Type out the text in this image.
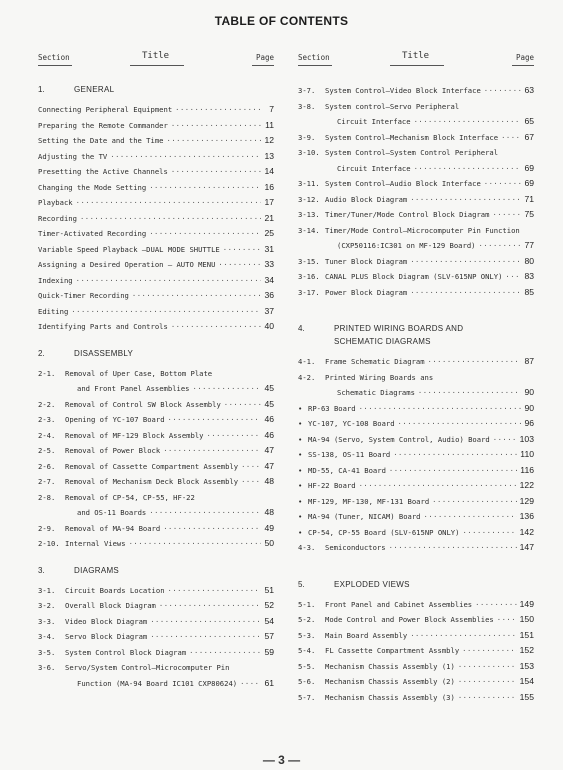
TABLE OF CONTENTS
Section	Title	Page
1.	GENERAL
Connecting Peripheral Equipment ·····	7
Preparing the Remote Commander ·····	11
Setting the Date and the Time ·····	12
Adjusting the TV ·····	13
Presetting the Active Channels ·····	14
Changing the Mode Setting ·····	16
Playback ·····	17
Recording ·····	21
Timer-Activated Recording ·····	25
Variable Speed Playback —DUAL MODE SHUTTLE ·····	31
Assigning a Desired Operation — AUTO MENU ·····	33
Indexing ·····	34
Quick-Timer Recording ·····	36
Editing ·····	37
Identifying Parts and Controls ·····	40
2.	DISASSEMBLY
2-1.	Removal of Uper Case, Bottom Plate
and Front Panel Assemblies ·····	45
2-2.	Removal of Control SW Block Assembly ·····	45
2-3.	Opening of YC-107 Board ·····	46
2-4.	Removal of MF-129 Block Assembly ·····	46
2-5.	Removal of Power Block ·····	47
2-6.	Removal of Cassette Compartment Assembly ·····	47
2-7.	Removal of Mechanism Deck Block Assembly ·····	48
2-8.	Removal of CP-54, CP-55, HF-22
and OS-11 Boards ·····	48
2-9.	Removal of MA-94 Board ·····	49
2-10. Internal Views ·····	50
3.	DIAGRAMS
3-1.	Circuit Boards Location ·····	51
3-2.	Overall Block Diagram ·····	52
3-3.	Video Block Diagram ·····	54
3-4.	Servo Block Diagram ·····	57
3-5.	System Control Block Diagram ·····	59
3-6.	Servo/System Control—Microcomputer Pin
Function (MA-94 Board IC101 CXP80624) ·····	61
Section	Title	Page
3-7.	System Control—Video Block Interface ·····	63
3-8.	System control—Servo Peripheral
Circuit Interface ·····	65
3-9.	System Control—Mechanism Block Interface ·····	67
3-10. System Control—System Control Peripheral
Circuit Interface ·····	69
3-11. System Control—Audio Block Interface ·····	69
3-12. Audio Block Diagram ·····	71
3-13. Timer/Tuner/Mode Control Block Diagram ·····	75
3-14. Timer/Mode Control—Microcomputer Pin Function
(CXP50116:IC301 on MF-129 Board) ·····	77
3-15. Tuner Block Diagram ·····	80
3-16. CANAL PLUS Block Diagram (SLV-615NP ONLY) ·····	83
3-17. Power Block Diagram ·····	85
4.	PRINTED WIRING BOARDS AND
SCHEMATIC DIAGRAMS
4-1.	Frame Schematic Diagram ·····	87
4-2.	Printed Wiring Boards ans
Schematic Diagrams ·····	90
•
RP-63 Board ·····	90
•
YC-107, YC-108 Board ·····	96
•
MA-94 (Servo, System Control, Audio) Board ·····	103
•
SS-138, OS-11 Board ·····	110
•
MD-55, CA-41 Board ·····	116
•
HF-22 Board ·····	122
•
MF-129, MF-130, MF-131 Board ·····	129
•
MA-94 (Tuner, NICAM) Board ·····	136
•
CP-54, CP-55 Board (SLV-615NP ONLY) ·····	142
4-3.	Semiconductors ·····	147
5.	EXPLODED VIEWS
5-1.	Front Panel and Cabinet Assemblies ·····	149
5-2.	Mode Control and Power Block Assemblies ·····	150
5-3.	Main Board Assembly ·····	151
5-4.	FL Cassette Compartment Assmbly ·····	152
5-5.	Mechanism Chassis Assembly (1) ·····	153
5-6.	Mechanism Chassis Assembly (2) ·····	154
5-7.	Mechanism Chassis Assembly (3) ·····	155
— 3 —
